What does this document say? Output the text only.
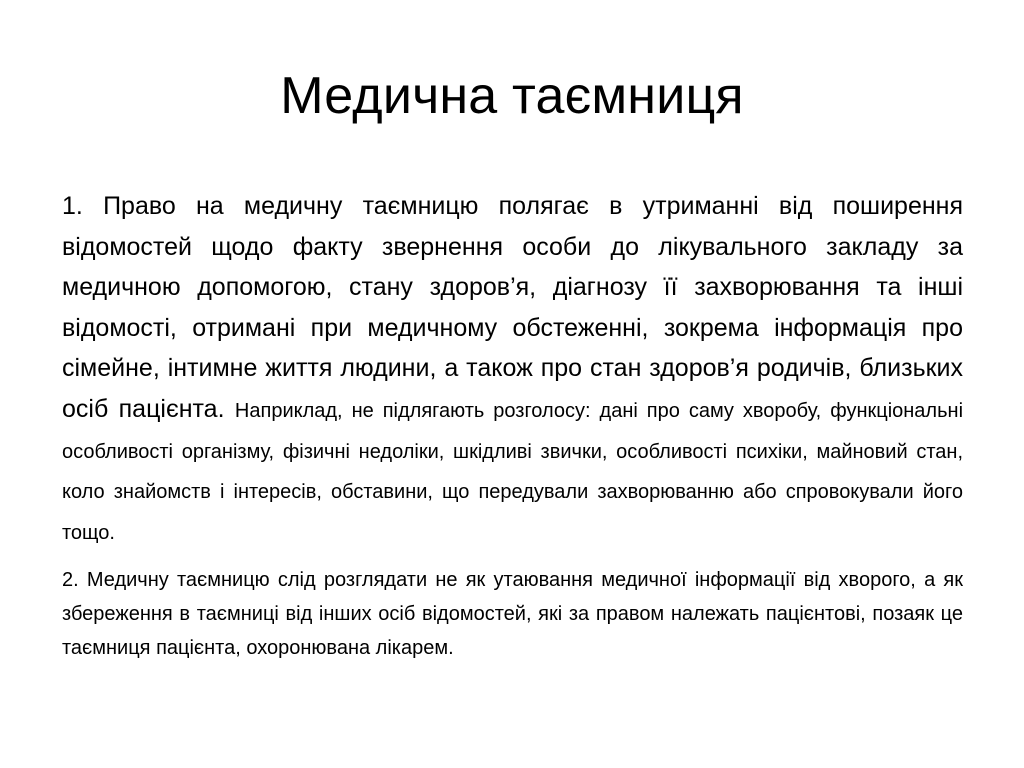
Медична таємниця

1. Право на медичну таємницю полягає в утриманні від поширення відомостей щодо факту звернення особи до лікувального закладу за медичною допомогою, стану здоров’я, діагнозу її захворювання та інші відомості, отримані при медичному обстеженні, зокрема інформація про сімейне, інтимне життя людини, а також про стан здоров’я родичів, близьких осіб пацієнта. Наприклад, не підлягають розголосу: дані про саму хворобу, функціональні особливості організму, фізичні недоліки, шкідливі звички, особливості психіки, майновий стан, коло знайомств і інтересів, обставини, що передували захворюванню або спровокували його тощо.

2. Медичну таємницю слід розглядати не як утаювання медичної інформації від хворого, а як збереження в таємниці від інших осіб відомостей, які за правом належать пацієнтові, позаяк це таємниця пацієнта, охоронювана лікарем.
